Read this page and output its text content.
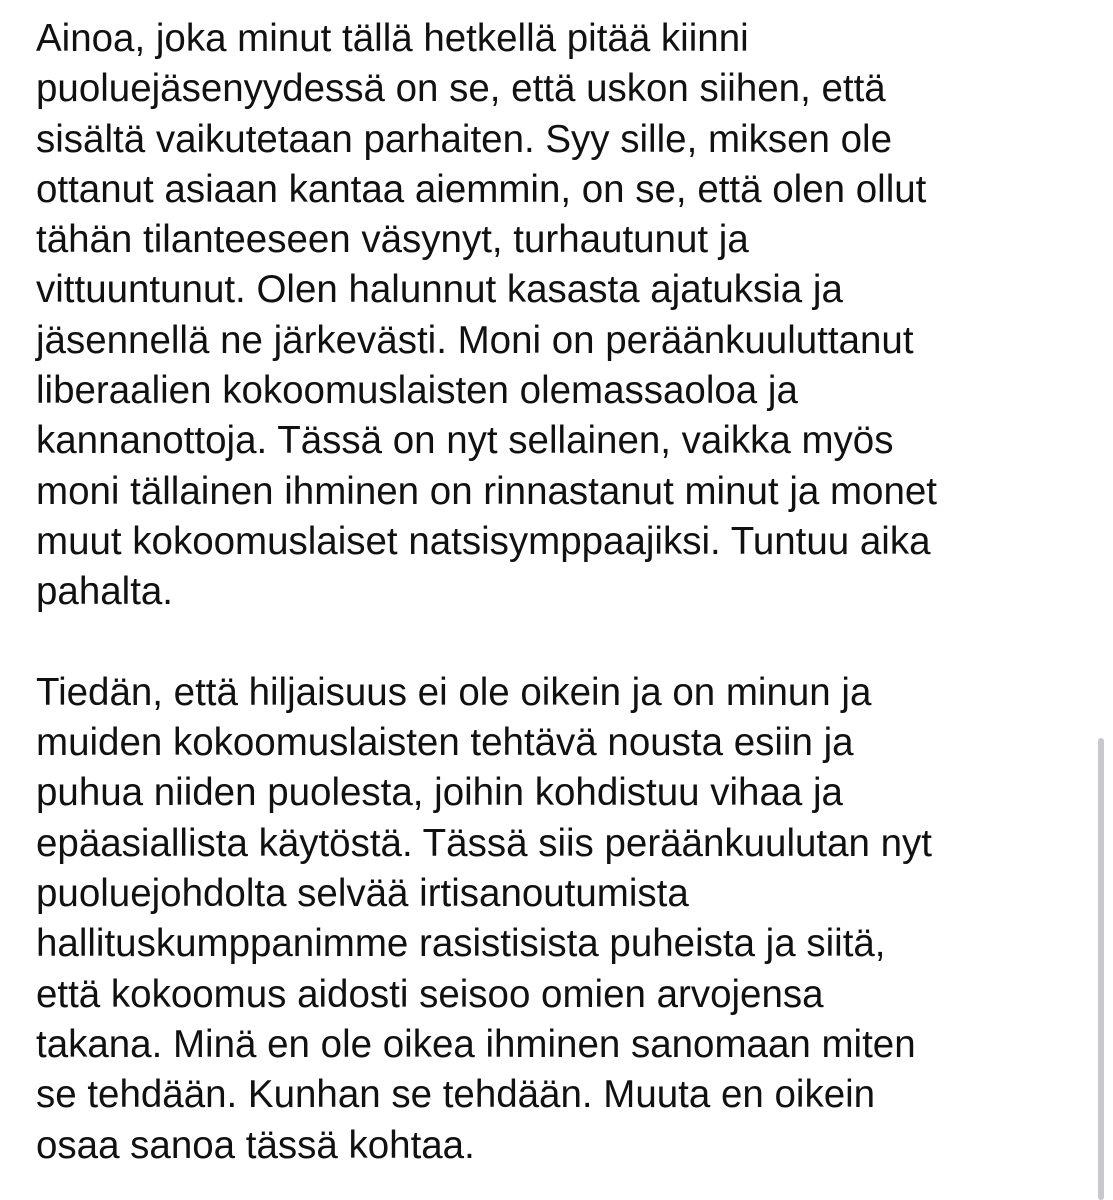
Ainoa, joka minut tällä hetkellä pitää kiinni
puoluejäsenyydessä on se, että uskon siihen, että
sisältä vaikutetaan parhaiten. Syy sille, miksen ole
ottanut asiaan kantaa aiemmin, on se, että olen ollut
tähän tilanteeseen väsynyt, turhautunut ja
vittuuntunut. Olen halunnut kasasta ajatuksia ja
jäsennellä ne järkevästi. Moni on peräänkuuluttanut
liberaalien kokoomuslaisten olemassaoloa ja
kannanottoja. Tässä on nyt sellainen, vaikka myös
moni tällainen ihminen on rinnastanut minut ja monet
muut kokoomuslaiset natsisymppaajiksi. Tuntuu aika
pahalta.
Tiedän, että hiljaisuus ei ole oikein ja on minun ja
muiden kokoomuslaisten tehtävä nousta esiin ja
puhua niiden puolesta, joihin kohdistuu vihaa ja
epäasiallista käytöstä. Tässä siis peräänkuulutan nyt
puoluejohdolta selvää irtisanoutumista
hallituskumppanimme rasistisista puheista ja siitä,
että kokoomus aidosti seisoo omien arvojensa
takana. Minä en ole oikea ihminen sanomaan miten
se tehdään. Kunhan se tehdään. Muuta en oikein
osaa sanoa tässä kohtaa.
